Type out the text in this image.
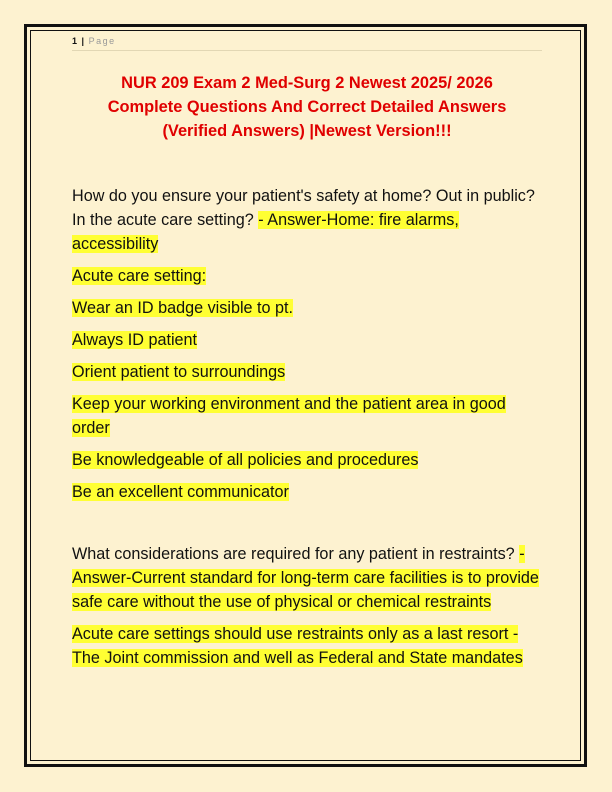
1 | Page
NUR 209 Exam 2 Med-Surg 2 Newest 2025/ 2026
Complete Questions And Correct Detailed Answers
(Verified Answers) |Newest Version!!!
How do you ensure your patient's safety at home? Out in public? In the acute care setting? - Answer-Home: fire alarms, accessibility
Acute care setting:
Wear an ID badge visible to pt.
Always ID patient
Orient patient to surroundings
Keep your working environment and the patient area in good order
Be knowledgeable of all policies and procedures
Be an excellent communicator
What considerations are required for any patient in restraints? - Answer-Current standard for long-term care facilities is to provide safe care without the use of physical or chemical restraints
Acute care settings should use restraints only as a last resort - The Joint commission and well as Federal and State mandates
